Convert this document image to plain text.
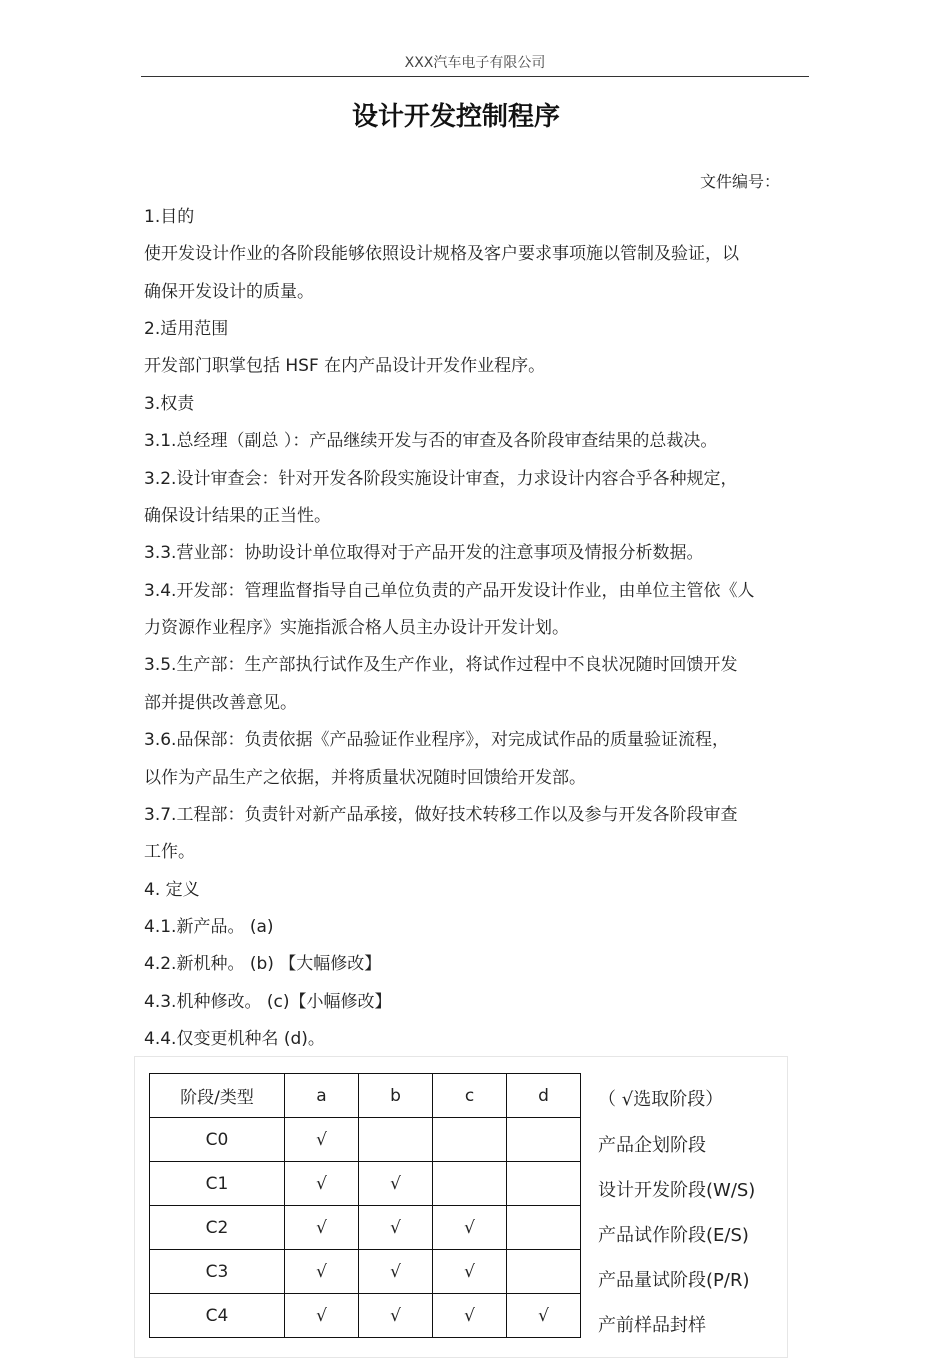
XXX汽车电子有限公司
设计开发控制程序
文件编号：
1.目的
使开发设计作业的各阶段能够依照设计规格及客户要求事项施以管制及验证，以
确保开发设计的质量。
2.适用范围
开发部门职掌包括 HSF 在内产品设计开发作业程序。
3.权责
3.1.总经理（副总 ）：产品继续开发与否的审查及各阶段审查结果的总裁决。
3.2.设计审查会：针对开发各阶段实施设计审查，力求设计内容合乎各种规定，
确保设计结果的正当性。
3.3.营业部：协助设计单位取得对于产品开发的注意事项及情报分析数据。
3.4.开发部：管理监督指导自己单位负责的产品开发设计作业，由单位主管依《人
力资源作业程序》实施指派合格人员主办设计开发计划。
3.5.生产部：生产部执行试作及生产作业，将试作过程中不良状况随时回馈开发
部并提供改善意见。
3.6.品保部：负责依据《产品验证作业程序》，对完成试作品的质量验证流程，
以作为产品生产之依据，并将质量状况随时回馈给开发部。
3.7.工程部：负责针对新产品承接，做好技术转移工作以及参与开发各阶段审查
工作。
4. 定义
4.1.新产品。 (a)
4.2.新机种。 (b) 【大幅修改】
4.3.机种修改。 (c)【小幅修改】
4.4.仅变更机种名 (d)。
阶段/类型	a	b	c	d
C0	√			
C1	√	√		
C2	√	√	√	
C3	√	√	√	
C4	√	√	√	√
（ √选取阶段）
产品企划阶段
设计开发阶段(W/S)
产品试作阶段(E/S)
产品量试阶段(P/R)
产前样品封样
